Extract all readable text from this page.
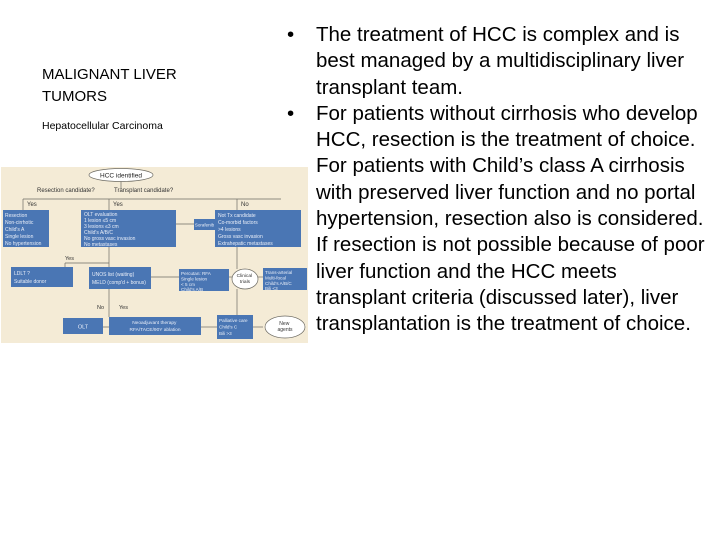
MALIGNANT LIVER TUMORS
Hepatocellular Carcinoma
HCC identified
Resection candidate?	Transplant candidate?
Yes	Yes	No
Resection Non-cirrhotic Child's A Single lesion No hypertension
OLT evaluation 1 lesion ≤5 cm 3 lesions ≤3 cm Child's A/B/C No gross vasc invasion No metastases
Sorafenib
Not Tx candidate Co-morbid factors >4 lesions Gross vasc invasion Extrahepatic metastases
Yes
LDLT ? Suitable donor
UNOS list (waiting) MELD (comp'd + bonus)
Percutan: RFA Single lesion < 5 cm Child's A/B
Clinical trials
Trans-arterial Multi-focal Child's A/B/C Bili <3
No	Yes
OLT
Neoadjuvant therapy RFA/TACE/90Y ablation
Palliative care Child's C Bili >3
New agents
• The treatment of HCC is complex and is best managed by a multidisciplinary liver transplant team.
• For patients without cirrhosis who develop HCC, resection is the treatment of choice. For patients with Child’s class A cirrhosis with preserved liver function and no portal hypertension, resection also is considered. If resection is not possible because of poor liver function and the HCC meets transplant criteria (discussed later), liver transplantation is the treatment of choice.
